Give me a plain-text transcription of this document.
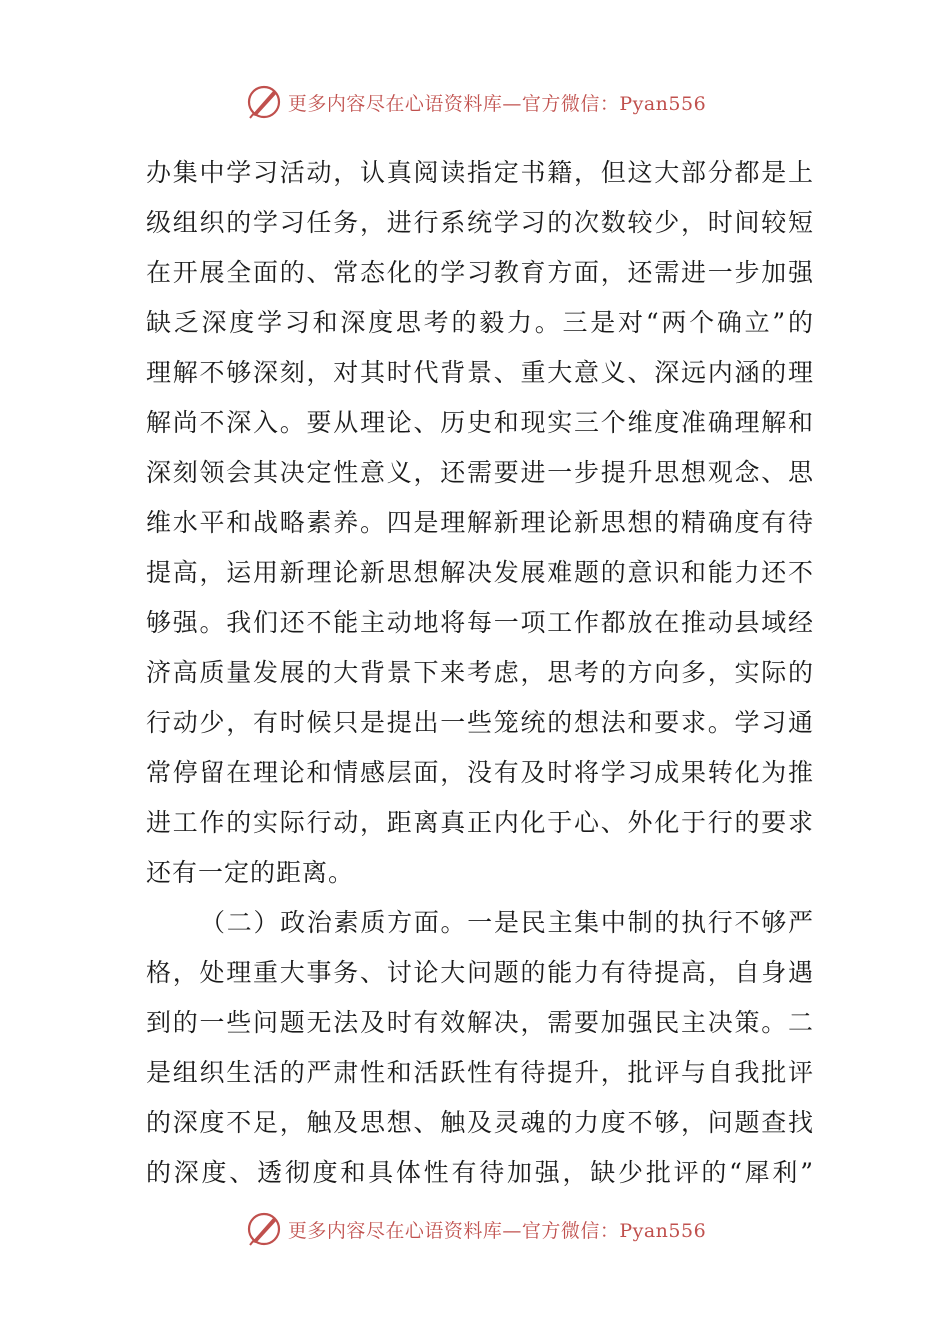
更多内容尽在心语资料库—官方微信：Pyan556
办集中学习活动，认真阅读指定书籍，但这大部分都是上
级组织的学习任务，进行系统学习的次数较少，时间较短
在开展全面的、常态化的学习教育方面，还需进一步加强
缺乏深度学习和深度思考的毅力。三是对“两个确立”的
理解不够深刻，对其时代背景、重大意义、深远内涵的理
解尚不深入。要从理论、历史和现实三个维度准确理解和
深刻领会其决定性意义，还需要进一步提升思想观念、思
维水平和战略素养。四是理解新理论新思想的精确度有待
提高，运用新理论新思想解决发展难题的意识和能力还不
够强。我们还不能主动地将每一项工作都放在推动县域经
济高质量发展的大背景下来考虑，思考的方向多，实际的
行动少，有时候只是提出一些笼统的想法和要求。学习通
常停留在理论和情感层面，没有及时将学习成果转化为推
进工作的实际行动，距离真正内化于心、外化于行的要求
还有一定的距离。
（二）政治素质方面。一是民主集中制的执行不够严
格，处理重大事务、讨论大问题的能力有待提高，自身遇
到的一些问题无法及时有效解决，需要加强民主决策。二
是组织生活的严肃性和活跃性有待提升，批评与自我批评
的深度不足，触及思想、触及灵魂的力度不够，问题查找
的深度、透彻度和具体性有待加强，缺少批评的“犀利”
更多内容尽在心语资料库—官方微信：Pyan556
